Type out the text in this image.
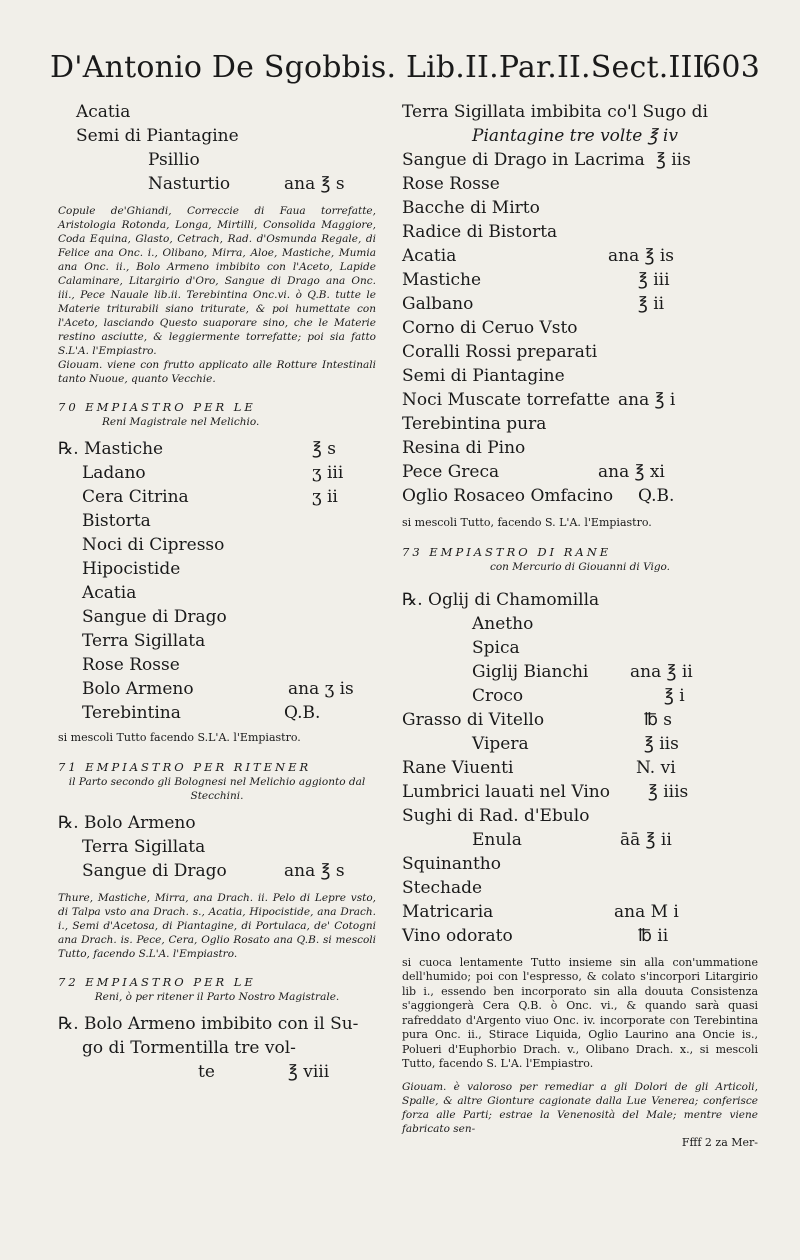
D'Antonio De Sgobbis. Lib.II.Par.II.Sect.III.
603
Acatia
Semi di Piantagine
Psillio
Nasturtio	ana ℥ s
Copule de'Ghiandi, Correccie di Faua torrefatte, Aristologia Rotonda, Longa, Mirtilli, Consolida Maggiore, Coda Equina, Glasto, Cetrach, Rad. d'Osmunda Regale, di Felice ana Onc. i., Olibano, Mirra, Aloe, Mastiche, Mumia ana Onc. ii., Bolo Armeno imbibito con l'Aceto, Lapide Calaminare, Litargirio d'Oro, Sangue di Drago ana Onc. iii., Pece Nauale lib.ii. Terebintina Onc.vi. ò Q.B. tutte le Materie triturabili siano triturate, & poi humettate con l'Aceto, lasciando Questo suaporare sino, che le Materie restino asciutte, & leggiermente torrefatte; poi sia fatto S.L'A. l'Empiastro.
Giouam. viene con frutto applicato alle Rotture Intestinali tanto Nuoue, quanto Vecchie.
70 EMPIASTRO PER LE
Reni Magistrale nel Melichio.
℞. Mastiche	℥ s
Ladano	ʒ iii
Cera Citrina	ʒ ii
Bistorta
Noci di Cipresso
Hipocistide
Acatia
Sangue di Drago
Terra Sigillata
Rose Rosse
Bolo Armeno	ana ʒ is
Terebintina	Q.B.
si mescoli Tutto facendo S.L'A. l'Empiastro.
71 EMPIASTRO PER RITENER
il Parto secondo gli Bolognesi nel Melichio aggionto dal Stecchini.
℞. Bolo Armeno
Terra Sigillata
Sangue di Drago	ana ℥ s
Thure, Mastiche, Mirra, ana Drach. ii. Pelo di Lepre vsto, di Talpa vsto ana Drach. s., Acatia, Hipocistide, ana Drach. i., Semi d'Acetosa, di Piantagine, di Portulaca, de' Cotogni ana Drach. is. Pece, Cera, Oglio Rosato ana Q.B. si mescoli Tutto, facendo S.L'A. l'Empiastro.
72 EMPIASTRO PER LE
Reni, ò per ritener il Parto Nostro Magistrale.
℞. Bolo Armeno imbibito con il Su-
go di Tormentilla tre vol-
te	℥ viii
Terra Sigillata imbibita co'l Sugo di
Piantagine tre volte ℥ iv
Sangue di Drago in Lacrima ℥ iis
Rose Rosse
Bacche di Mirto
Radice di Bistorta
Acatia	ana ℥ is
Mastiche	℥ iii
Galbano	℥ ii
Corno di Ceruo Vsto
Coralli Rossi preparati
Semi di Piantagine
Noci Muscate torrefatte ana ℥ i
Terebintina pura
Resina di Pino
Pece Greca	ana ℥ xi
Oglio Rosaceo Omfacino Q.B.
si mescoli Tutto, facendo S. L'A. l'Empiastro.
73 EMPIASTRO DI RANE
con Mercurio di Giouanni di Vigo.
℞. Oglij di Chamomilla
Anetho
Spica
Giglij Bianchi ana ℥ ii
Croco	℥ i
Grasso di Vitello	℔ s
Vipera	℥ iis
Rane Viuenti	N. vi
Lumbrici lauati nel Vino ℥ iiis
Sughi di Rad. d'Ebulo
Enula	āā ℥ ii
Squinantho
Stechade
Matricaria	ana M i
Vino odorato	℔ ii
si cuoca lentamente Tutto insieme sin alla con'ummatione dell'humido; poi con l'espresso, & colato s'incorpori Litargirio lib i., essendo ben incorporato sin alla douuta Consistenza s'aggiongerà Cera Q.B. ò Onc. vi., & quando sarà quasi rafreddato d'Argento viuo Onc. iv. incorporate con Terebintina pura Onc. ii., Stirace Liquida, Oglio Laurino ana Oncie is., Polueri d'Euphorbio Drach. v., Olibano Drach. x., si mescoli Tutto, facendo S. L'A. l'Empiastro.
Giouam. è valoroso per remediar a gli Dolori de gli Articoli, Spalle, & altre Gionture cagionate dalla Lue Venerea; conferisce forza alle Parti; estrae la Venenosità del Male; mentre viene fabricato sen-
Ffff 2 za Mer-
